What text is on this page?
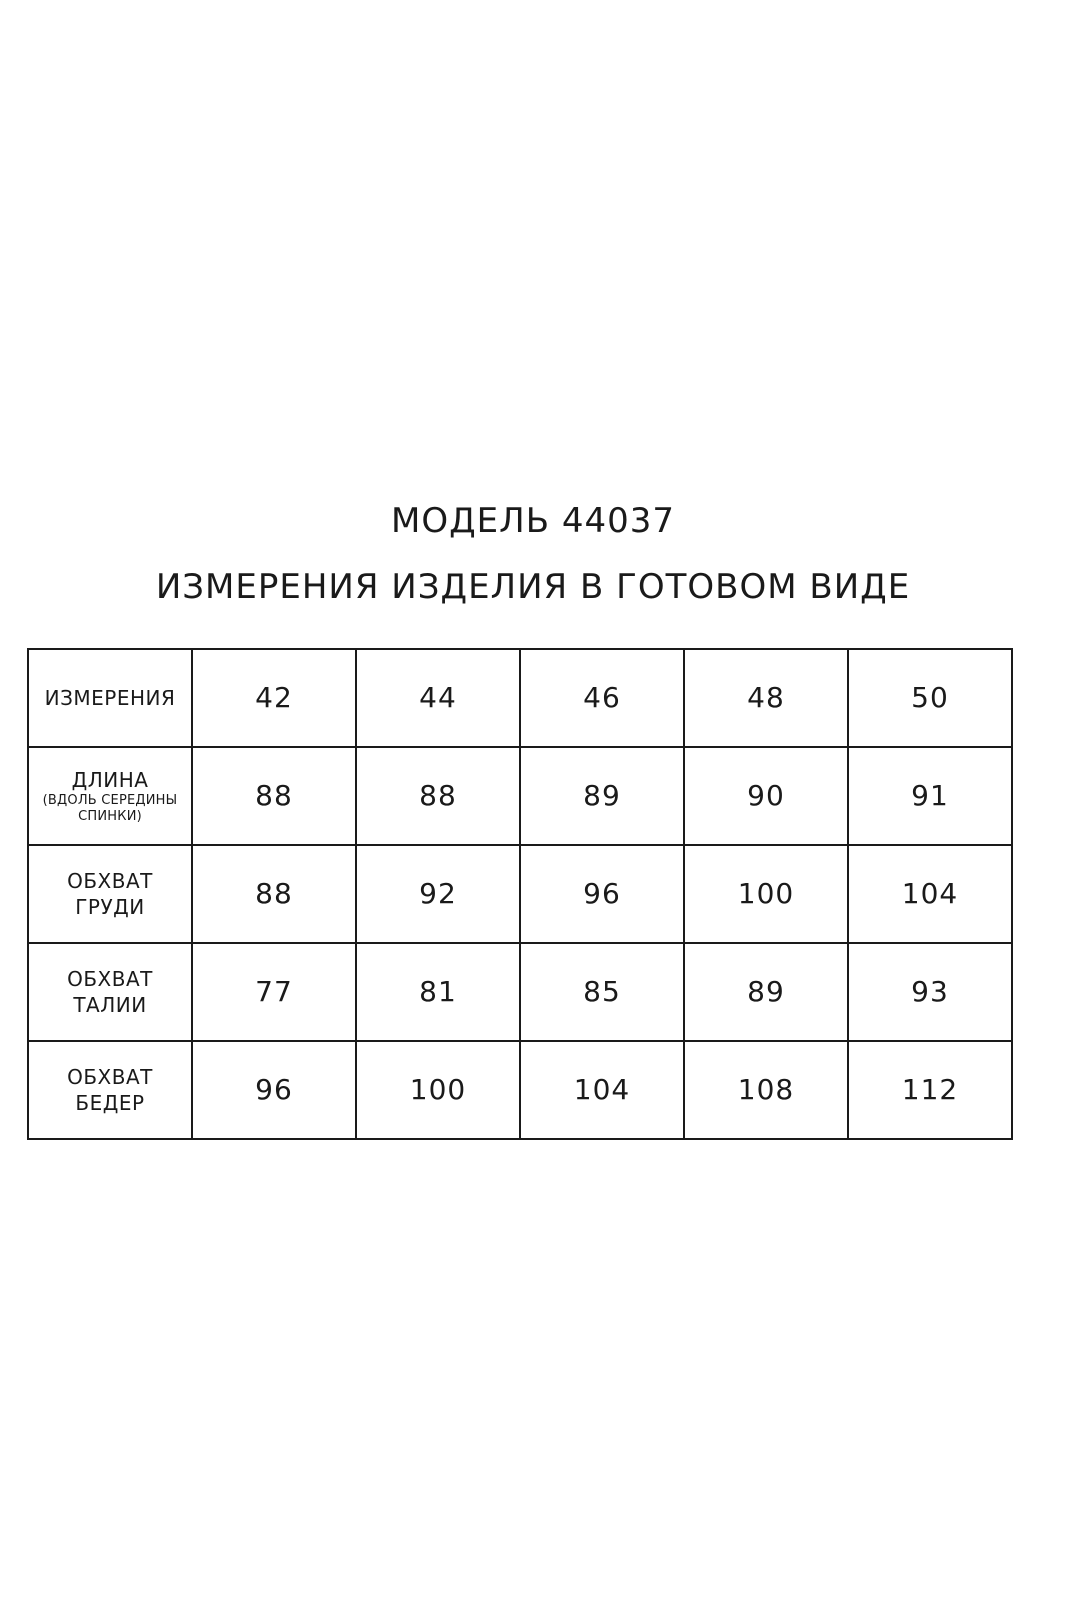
МОДЕЛЬ 44037
ИЗМЕРЕНИЯ ИЗДЕЛИЯ В ГОТОВОМ ВИДЕ
ИЗМЕРЕНИЯ	42	44	46	48	50

ДЛИНА
(ВДОЛЬ СЕРЕДИНЫ
СПИНКИ)	88	88	89	90	91

ОБХВАТ
ГРУДИ	88	92	96	100	104

ОБХВАТ
ТАЛИИ	77	81	85	89	93

ОБХВАТ
БЕДЕР	96	100	104	108	112
